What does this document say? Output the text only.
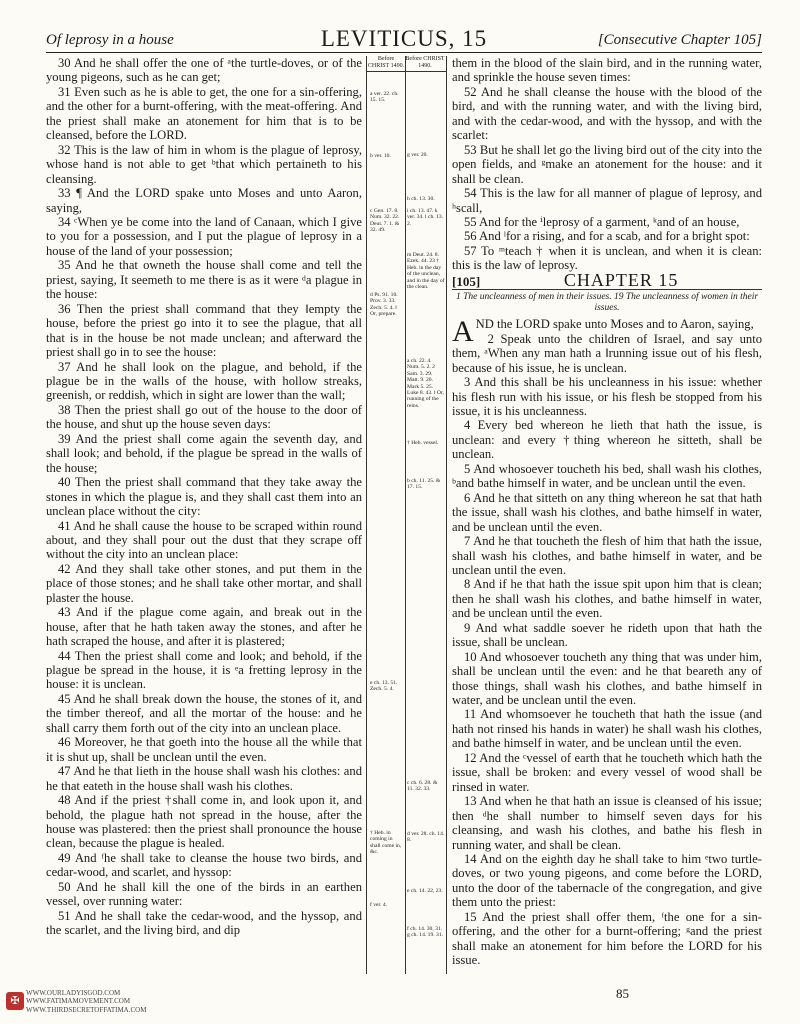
Of leprosy in a house	LEVITICUS, 15	[Consecutive Chapter 105]

30 And he shall offer the one of ᵃthe turtle-doves, or of the young pigeons, such as he can get;

31 Even such as he is able to get, the one for a sin-offering, and the other for a burnt-offering, with the meat-offering. And the priest shall make an atonement for him that is to be cleansed, before the LORD.

32 This is the law of him in whom is the plague of leprosy, whose hand is not able to get ᵇthat which pertaineth to his cleansing.

33 ¶ And the LORD spake unto Moses and unto Aaron, saying,

34 ᶜWhen ye be come into the land of Canaan, which I give to you for a possession, and I put the plague of leprosy in a house of the land of your possession;

35 And he that owneth the house shall come and tell the priest, saying, It seemeth to me there is as it were ᵈa plague in the house:

36 Then the priest shall command that they ‖empty the house, before the priest go into it to see the plague, that all that is in the house be not made unclean; and afterward the priest shall go in to see the house:

37 And he shall look on the plague, and behold, if the plague be in the walls of the house, with hollow streaks, greenish, or reddish, which in sight are lower than the wall;

38 Then the priest shall go out of the house to the door of the house, and shut up the house seven days:

39 And the priest shall come again the seventh day, and shall look; and behold, if the plague be spread in the walls of the house;

40 Then the priest shall command that they take away the stones in which the plague is, and they shall cast them into an unclean place without the city:

41 And he shall cause the house to be scraped within round about, and they shall pour out the dust that they scrape off without the city into an unclean place:

42 And they shall take other stones, and put them in the place of those stones; and he shall take other mortar, and shall plaster the house.

43 And if the plague come again, and break out in the house, after that he hath taken away the stones, and after he hath scraped the house, and after it is plastered;

44 Then the priest shall come and look; and behold, if the plague be spread in the house, it is ᵉa fretting leprosy in the house: it is unclean.

45 And he shall break down the house, the stones of it, and the timber thereof, and all the mortar of the house: and he shall carry them forth out of the city into an unclean place.

46 Moreover, he that goeth into the house all the while that it is shut up, shall be unclean until the even.

47 And he that lieth in the house shall wash his clothes: and he that eateth in the house shall wash his clothes.

48 And if the priest †shall come in, and look upon it, and behold, the plague hath not spread in the house, after the house was plastered: then the priest shall pronounce the house clean, because the plague is healed.

49 And ᶠhe shall take to cleanse the house two birds, and cedar-wood, and scarlet, and hyssop:

50 And he shall kill the one of the birds in an earthen vessel, over running water:

51 And he shall take the cedar-wood, and the hyssop, and the scarlet, and the living bird, and dip

Before CHRIST 1490.
a ver. 22. ch. 15. 15.
b ver. 10.
c Gen. 17. 8. Num. 32. 22. Deut. 7. 1. & 32. 49.
d Ps. 91. 10. Prov. 3. 33. Zech. 5. 4. ‖ Or, prepare.
e ch. 13. 51. Zech. 5. 4.
† Heb. in coming in shall come in, &c.
f ver. 4.
Before CHRIST 1490.
g ver. 20.
h ch. 13. 30.
i ch. 13. 47. k ver. 34. l ch. 13. 2.
m Deut. 24. 8. Ezek. 44. 23 † Heb. in the day of the unclean, and in the day of the clean.
a ch. 22. 4. Num. 5. 2. 2 Sam. 3. 29. Matt. 9. 20. Mark 5. 25. Luke 8. 43. ‖ Or, running of the reins.
† Heb. vessel.
b ch. 11. 25. & 17. 15.
c ch. 6. 28. & 11. 32. 33.
d ver. 28. ch. 14. 8.
e ch. 14. 22, 23.
f ch. 14. 30, 31. g ch. 14. 19. 31.

them in the blood of the slain bird, and in the running water, and sprinkle the house seven times:

52 And he shall cleanse the house with the blood of the bird, and with the running water, and with the living bird, and with the cedar-wood, and with the hyssop, and with the scarlet:

53 But he shall let go the living bird out of the city into the open fields, and ᵍmake an atonement for the house: and it shall be clean.

54 This is the law for all manner of plague of leprosy, and ʰscall,

55 And for the ⁱleprosy of a garment, ᵏand of an house,

56 And ˡfor a rising, and for a scab, and for a bright spot:

57 To ᵐteach † when it is unclean, and when it is clean: this is the law of leprosy.

[105]	CHAPTER 15
1 The uncleanness of men in their issues. 19 The uncleanness of women in their issues.

AND the LORD spake unto Moses and to Aaron, saying,

2 Speak unto the children of Israel, and say unto them, ᵃWhen any man hath a ‖running issue out of his flesh, because of his issue, he is unclean.

3 And this shall be his uncleanness in his issue: whether his flesh run with his issue, or his flesh be stopped from his issue, it is his uncleanness.

4 Every bed whereon he lieth that hath the issue, is unclean: and every †thing whereon he sitteth, shall be unclean.

5 And whosoever toucheth his bed, shall wash his clothes, ᵇand bathe himself in water, and be unclean until the even.

6 And he that sitteth on any thing whereon he sat that hath the issue, shall wash his clothes, and bathe himself in water, and be unclean until the even.

7 And he that toucheth the flesh of him that hath the issue, shall wash his clothes, and bathe himself in water, and be unclean until the even.

8 And if he that hath the issue spit upon him that is clean; then he shall wash his clothes, and bathe himself in water, and be unclean until the even.

9 And what saddle soever he rideth upon that hath the issue, shall be unclean.

10 And whosoever toucheth any thing that was under him, shall be unclean until the even: and he that beareth any of those things, shall wash his clothes, and bathe himself in water, and be unclean until the even.

11 And whomsoever he toucheth that hath the issue (and hath not rinsed his hands in water) he shall wash his clothes, and bathe himself in water, and be unclean until the even.

12 And the ᶜvessel of earth that he toucheth which hath the issue, shall be broken: and every vessel of wood shall be rinsed in water.

13 And when he that hath an issue is cleansed of his issue; then ᵈhe shall number to himself seven days for his cleansing, and wash his clothes, and bathe his flesh in running water, and shall be clean.

14 And on the eighth day he shall take to him ᵉtwo turtle-doves, or two young pigeons, and come before the LORD, unto the door of the tabernacle of the congregation, and give them unto the priest:

15 And the priest shall offer them, ᶠthe one for a sin-offering, and the other for a burnt-offering; ᵍand the priest shall make an atonement for him before the LORD for his issue.

85
✠
WWW.OURLADYISGOD.COM
WWW.FATIMAMOVEMENT.COM
WWW.THIRDSECRETOFFATIMA.COM
